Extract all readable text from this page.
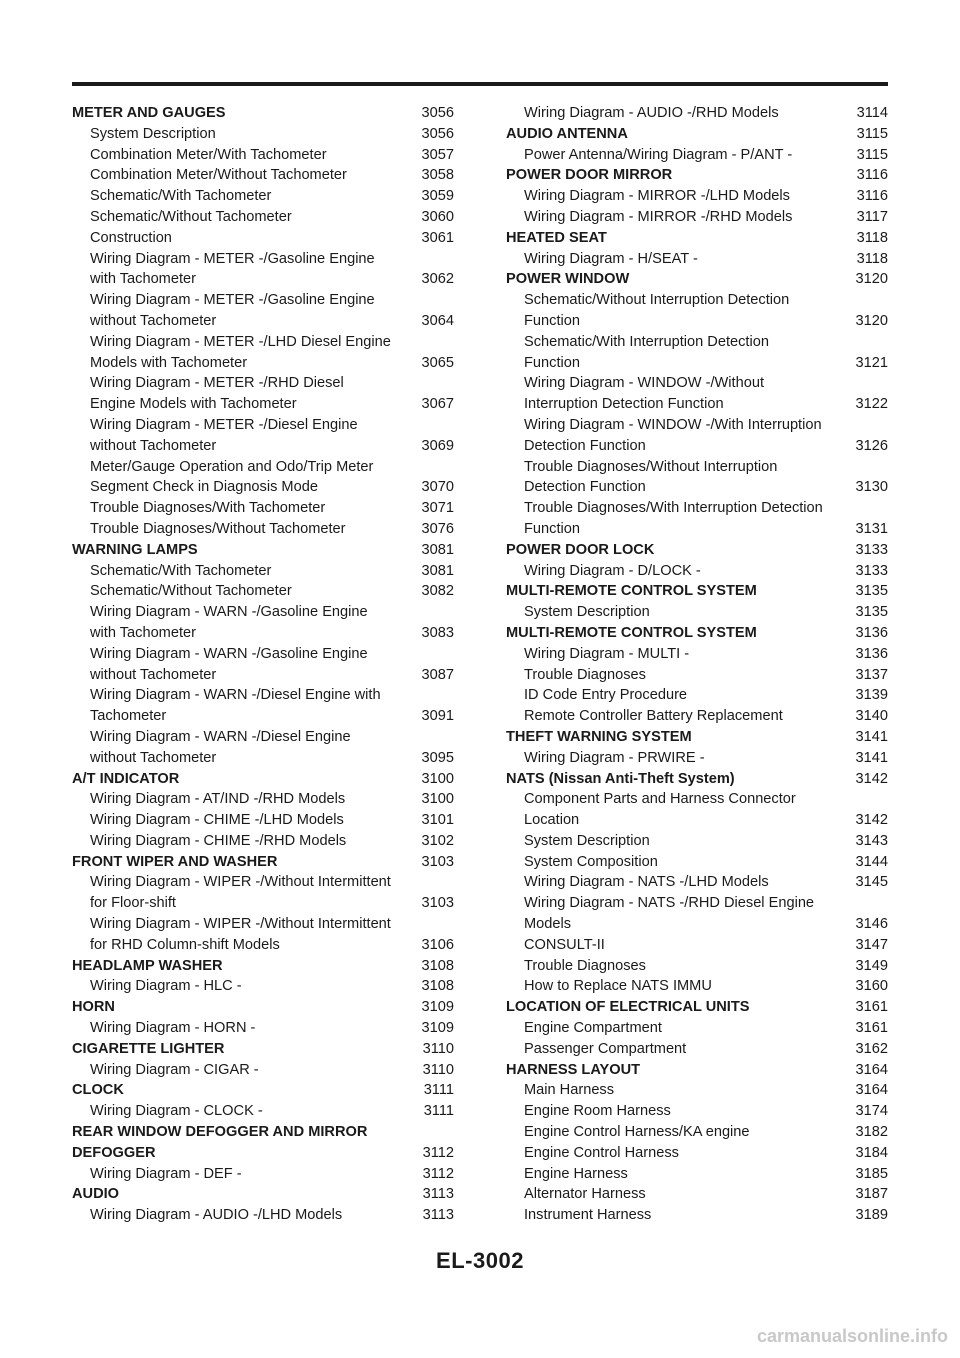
METER AND GAUGES	3056
System Description	3056
Combination Meter/With Tachometer	3057
Combination Meter/Without Tachometer	3058
Schematic/With Tachometer	3059
Schematic/Without Tachometer	3060
Construction	3061
Wiring Diagram - METER -/Gasoline Engine
with Tachometer	3062
Wiring Diagram - METER -/Gasoline Engine
without Tachometer	3064
Wiring Diagram - METER -/LHD Diesel Engine
Models with Tachometer	3065
Wiring Diagram - METER -/RHD Diesel
Engine Models with Tachometer	3067
Wiring Diagram - METER -/Diesel Engine
without Tachometer	3069
Meter/Gauge Operation and Odo/Trip Meter
Segment Check in Diagnosis Mode	3070
Trouble Diagnoses/With Tachometer	3071
Trouble Diagnoses/Without Tachometer	3076
WARNING LAMPS	3081
Schematic/With Tachometer	3081
Schematic/Without Tachometer	3082
Wiring Diagram - WARN -/Gasoline Engine
with Tachometer	3083
Wiring Diagram - WARN -/Gasoline Engine
without Tachometer	3087
Wiring Diagram - WARN -/Diesel Engine with
Tachometer	3091
Wiring Diagram - WARN -/Diesel Engine
without Tachometer	3095
A/T INDICATOR	3100
Wiring Diagram - AT/IND -/RHD Models	3100
Wiring Diagram - CHIME -/LHD Models	3101
Wiring Diagram - CHIME -/RHD Models	3102
FRONT WIPER AND WASHER	3103
Wiring Diagram - WIPER -/Without Intermittent
for Floor-shift	3103
Wiring Diagram - WIPER -/Without Intermittent
for RHD Column-shift Models	3106
HEADLAMP WASHER	3108
Wiring Diagram - HLC -	3108
HORN	3109
Wiring Diagram - HORN -	3109
CIGARETTE LIGHTER	3110
Wiring Diagram - CIGAR -	3110
CLOCK	3111
Wiring Diagram - CLOCK -	3111
REAR WINDOW DEFOGGER AND MIRROR
DEFOGGER	3112
Wiring Diagram - DEF -	3112
AUDIO	3113
Wiring Diagram - AUDIO -/LHD Models	3113
Wiring Diagram - AUDIO -/RHD Models	3114
AUDIO ANTENNA	3115
Power Antenna/Wiring Diagram - P/ANT -	3115
POWER DOOR MIRROR	3116
Wiring Diagram - MIRROR -/LHD Models	3116
Wiring Diagram - MIRROR -/RHD Models	3117
HEATED SEAT	3118
Wiring Diagram - H/SEAT -	3118
POWER WINDOW	3120
Schematic/Without Interruption Detection
Function	3120
Schematic/With Interruption Detection
Function	3121
Wiring Diagram - WINDOW -/Without
Interruption Detection Function	3122
Wiring Diagram - WINDOW -/With Interruption
Detection Function	3126
Trouble Diagnoses/Without Interruption
Detection Function	3130
Trouble Diagnoses/With Interruption Detection
Function	3131
POWER DOOR LOCK	3133
Wiring Diagram - D/LOCK -	3133
MULTI-REMOTE CONTROL SYSTEM	3135
System Description	3135
MULTI-REMOTE CONTROL SYSTEM	3136
Wiring Diagram - MULTI -	3136
Trouble Diagnoses	3137
ID Code Entry Procedure	3139
Remote Controller Battery Replacement	3140
THEFT WARNING SYSTEM	3141
Wiring Diagram - PRWIRE -	3141
NATS (Nissan Anti-Theft System)	3142
Component Parts and Harness Connector
Location	3142
System Description	3143
System Composition	3144
Wiring Diagram - NATS -/LHD Models	3145
Wiring Diagram - NATS -/RHD Diesel Engine
Models	3146
CONSULT-II	3147
Trouble Diagnoses	3149
How to Replace NATS IMMU	3160
LOCATION OF ELECTRICAL UNITS	3161
Engine Compartment	3161
Passenger Compartment	3162
HARNESS LAYOUT	3164
Main Harness	3164
Engine Room Harness	3174
Engine Control Harness/KA engine	3182
Engine Control Harness	3184
Engine Harness	3185
Alternator Harness	3187
Instrument Harness	3189
EL-3002
carmanualsonline.info
